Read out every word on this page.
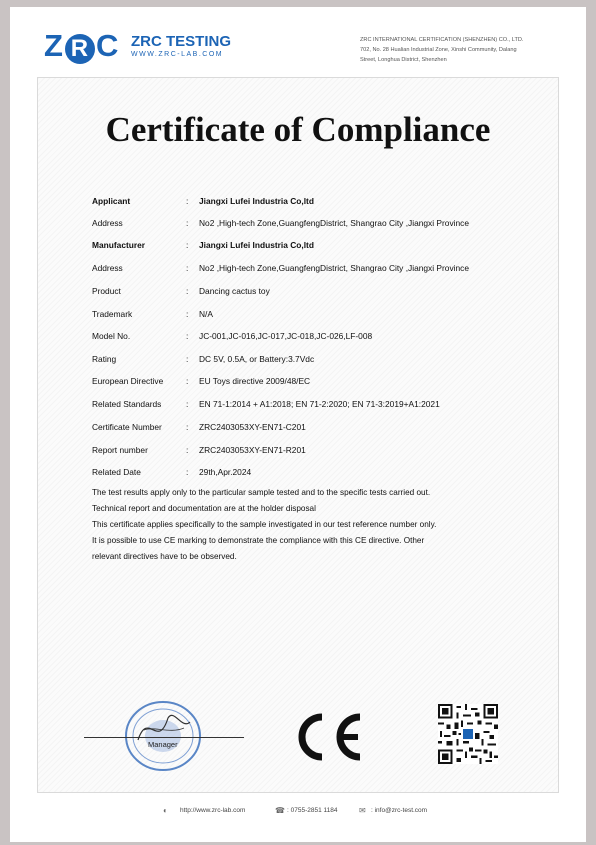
Z R C ZRC TESTING
WWW.ZRC-LAB.COM
ZRC INTERNATIONAL CERTIFICATION (SHENZHEN) CO., LTD.
702, No. 28 Hualian Industrial Zone, Xinshi Community, Dalang
Street, Longhua District, Shenzhen
Certificate of Compliance
Applicant	: Jiangxi Lufei Industria Co,ltd
Address	: No2 ,High-tech Zone,GuangfengDistrict, Shangrao City ,Jiangxi Province
Manufacturer	: Jiangxi Lufei Industria Co,ltd
Address	: No2 ,High-tech Zone,GuangfengDistrict, Shangrao City ,Jiangxi Province
Product	: Dancing cactus toy
Trademark	: N/A
Model No.	: JC-001,JC-016,JC-017,JC-018,JC-026,LF-008
Rating	: DC 5V, 0.5A, or Battery:3.7Vdc
European Directive	: EU Toys directive 2009/48/EC
Related Standards	: EN 71-1:2014 + A1:2018; EN 71-2:2020; EN 71-3:2019+A1:2021
Certificate Number	: ZRC2403053XY-EN71-C201
Report number	: ZRC2403053XY-EN71-R201
Related Date	: 29th,Apr.2024
The test results apply only to the particular sample tested and to the specific tests carried out.
Technical report and documentation are at the holder disposal
This certificate applies specifically to the sample investigated in our test reference number only.
It is possible to use CE marking to demonstrate the compliance with this CE directive. Other
relevant directives have to be observed.
Manager
◐ http://www.zrc-lab.com	☎ : 0755-2851 1184	✉ : info@zrc-test.com
